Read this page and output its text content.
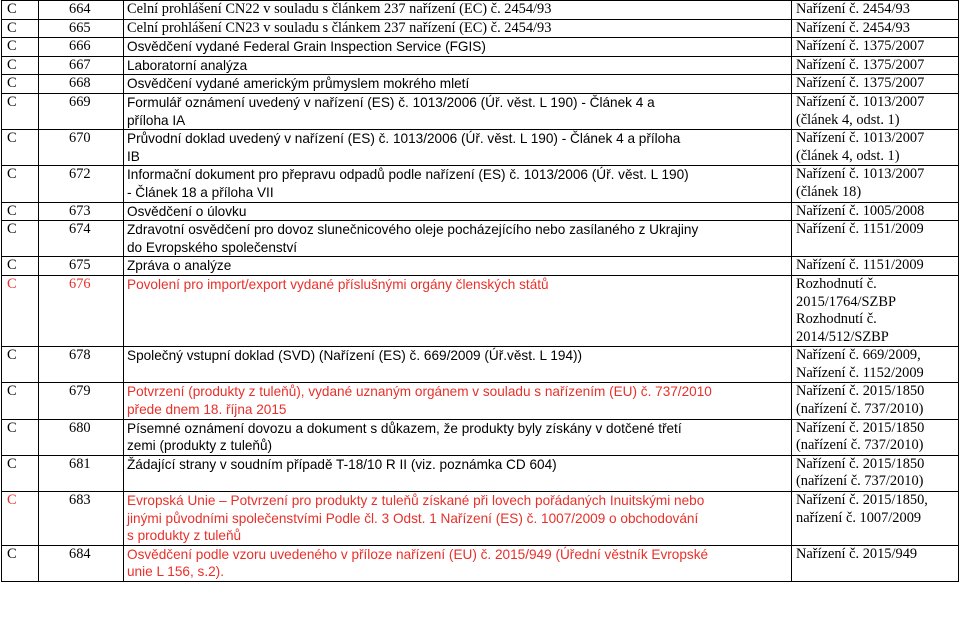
C	664	Celní prohlášení CN22 v souladu s článkem 237 nařízení (EC) č. 2454/93	Nařízení č. 2454/93

C	665	Celní prohlášení CN23 v souladu s článkem 237 nařízení (EC) č. 2454/93	Nařízení č. 2454/93

C	666	Osvědčení vydané Federal Grain Inspection Service (FGIS)	Nařízení č. 1375/2007

C	667	Laboratorní analýza	Nařízení č. 1375/2007

C	668	Osvědčení vydané americkým průmyslem mokrého mletí	Nařízení č. 1375/2007

C	669	Formulář oznámení uvedený v nařízení (ES) č. 1013/2006 (Úř. věst. L 190) - Článek 4 a
příloha IA	Nařízení č. 1013/2007
(článek 4, odst. 1)

C	670	Průvodní doklad uvedený v nařízení (ES) č. 1013/2006 (Úř. věst. L 190) - Článek 4 a příloha
IB	Nařízení č. 1013/2007
(článek 4, odst. 1)

C	672	Informační dokument pro přepravu odpadů podle nařízení (ES) č. 1013/2006 (Úř. věst. L 190)
- Článek 18 a příloha VII	Nařízení č. 1013/2007
(článek 18)

C	673	Osvědčení o úlovku	Nařízení č. 1005/2008

C	674	Zdravotní osvědčení pro dovoz slunečnicového oleje pocházejícího nebo zasílaného z Ukrajiny
do Evropského společenství	Nařízení č. 1151/2009

C	675	Zpráva o analýze	Nařízení č. 1151/2009

C	676	Povolení pro import/export vydané příslušnými orgány členských států	Rozhodnutí č.
2015/1764/SZBP
Rozhodnutí č.
2014/512/SZBP

C	678	Společný vstupní doklad (SVD) (Nařízení (ES) č. 669/2009 (Úř.věst. L 194))	Nařízení č. 669/2009,
Nařízení č. 1152/2009

C	679	Potvrzení (produkty z tuleňů), vydané uznaným orgánem v souladu s nařízením (EU) č. 737/2010
přede dnem 18. října 2015	Nařízení č. 2015/1850
(nařízení č. 737/2010)

C	680	Písemné oznámení dovozu a dokument s důkazem, že produkty byly získány v dotčené třetí
zemi (produkty z tuleňů)	Nařízení č. 2015/1850
(nařízení č. 737/2010)

C	681	Žádající strany v soudním případě T-18/10 R II (viz. poznámka CD 604)	Nařízení č. 2015/1850
(nařízení č. 737/2010)

C	683	Evropská Unie – Potvrzení pro produkty z tuleňů získané při lovech pořádaných Inuitskými nebo
jinými původními společenstvími Podle čl. 3 Odst. 1 Nařízení (ES) č. 1007/2009 o obchodování
s produkty z tuleňů	Nařízení č. 2015/1850,
nařízení č. 1007/2009

C	684	Osvědčení podle vzoru uvedeného v příloze nařízení (EU) č. 2015/949 (Úřední věstník Evropské
unie L 156, s.2).	Nařízení č. 2015/949
